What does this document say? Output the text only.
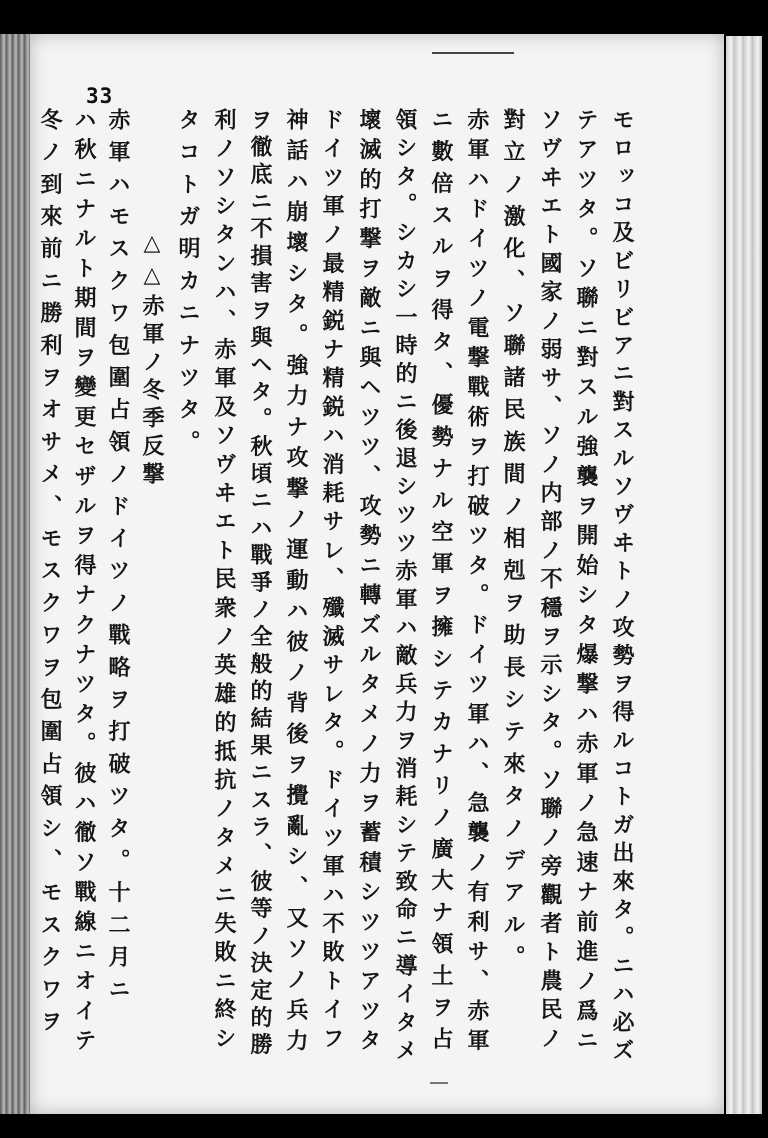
33
モロッコ及ビリビアニ對スルソヴヰトノ攻勢ヲ得ルコトガ出來タ。ニハ必ズ
テアツタ。ソ聯ニ對スル強襲ヲ開始シタ爆撃ハ赤軍ノ急速ナ前進ノ爲ニ
ソヴヰエト國家ノ弱サ、ソノ内部ノ不穩ヲ示シタ。ソ聯ノ旁觀者ト農民ノ
對立ノ激化、ソ聯諸民族間ノ相剋ヲ助長シテ來タノデアル。
赤軍ハドイツノ電撃戰術ヲ打破ツタ。ドイツ軍ハ、急襲ノ有利サ、赤軍
ニ數倍スルヲ得タ、優勢ナル空軍ヲ擁シテカナリノ廣大ナ領土ヲ占
領シタ。シカシ一時的ニ後退シツツ赤軍ハ敵兵力ヲ消耗シテ致命ニ導イタメ
壞滅的打撃ヲ敵ニ與ヘツツ、攻勢ニ轉ズルタメノ力ヲ蓄積シツツアツタ
ドイツ軍ノ最精鋭ナ精鋭ハ消耗サレ、殲滅サレタ。ドイツ軍ハ不敗トイフ
神話ハ崩壞シタ。強力ナ攻撃ノ運動ハ彼ノ背後ヲ攪亂シ、又ソノ兵力
ヲ徹底ニ不損害ヲ與ヘタ。秋頃ニハ戰爭ノ全般的結果ニスラ、彼等ノ決定的勝
利ノソシタンハ、赤軍及ソヴヰエト民衆ノ英雄的抵抗ノタメニ失敗ニ終シ
タコトガ明カニナツタ。
△△赤軍ノ冬季反撃
赤軍ハモスクワ包圍占領ノドイツノ戰略ヲ打破ツタ。十二月ニ
ハ秋ニナルト期間ヲ變更セザルヲ得ナクナツタ。彼ハ徹ソ戰線ニオイテ
冬ノ到來前ニ勝利ヲオサメ、モスクワヲ包圍占領シ、モスクワヲ
